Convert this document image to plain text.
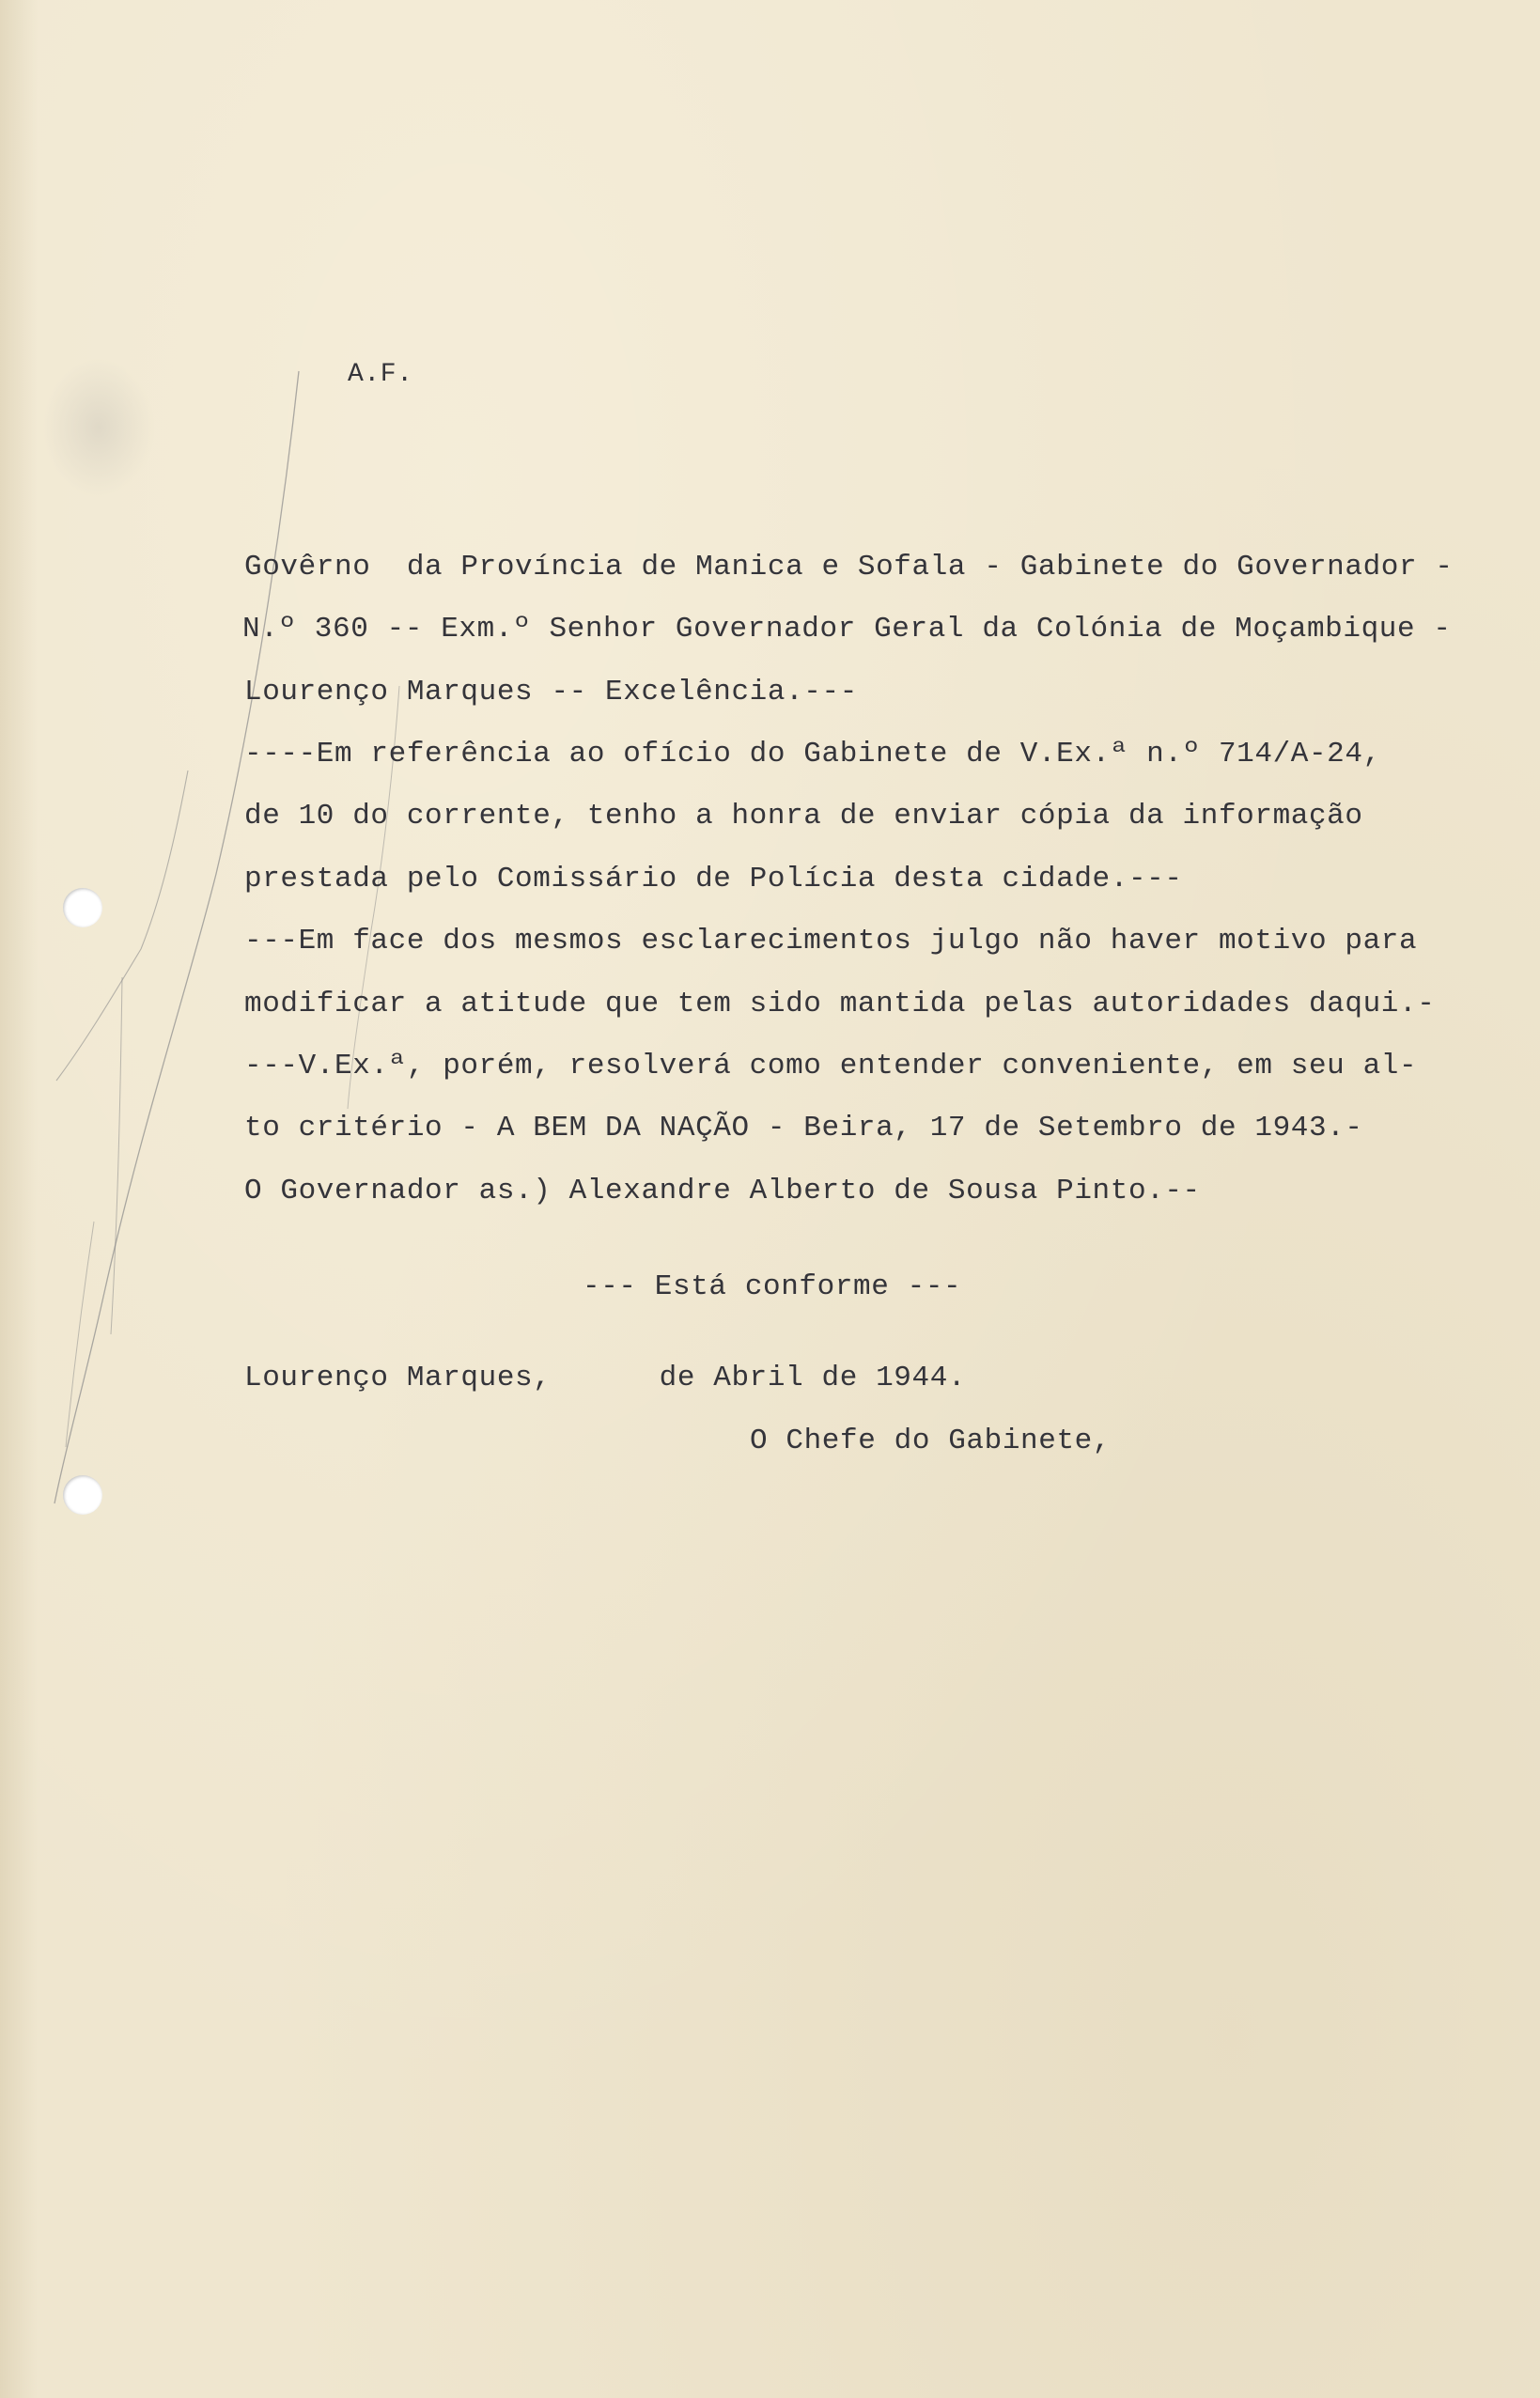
A.F.
Govêrno  da Província de Manica e Sofala - Gabinete do Governador -
N.º 360 -- Exm.º Senhor Governador Geral da Colónia de Moçambique -
Lourenço Marques -- Excelência.---
----Em referência ao ofício do Gabinete de V.Ex.ª n.º 714/A-24,
de 10 do corrente, tenho a honra de enviar cópia da informação
prestada pelo Comissário de Polícia desta cidade.---
---Em face dos mesmos esclarecimentos julgo não haver motivo para
modificar a atitude que tem sido mantida pelas autoridades daqui.-
---V.Ex.ª, porém, resolverá como entender conveniente, em seu al-
to critério - A BEM DA NAÇÃO - Beira, 17 de Setembro de 1943.-
O Governador as.) Alexandre Alberto de Sousa Pinto.--
--- Está conforme ---
Lourenço Marques,      de Abril de 1944.
O Chefe do Gabinete,
